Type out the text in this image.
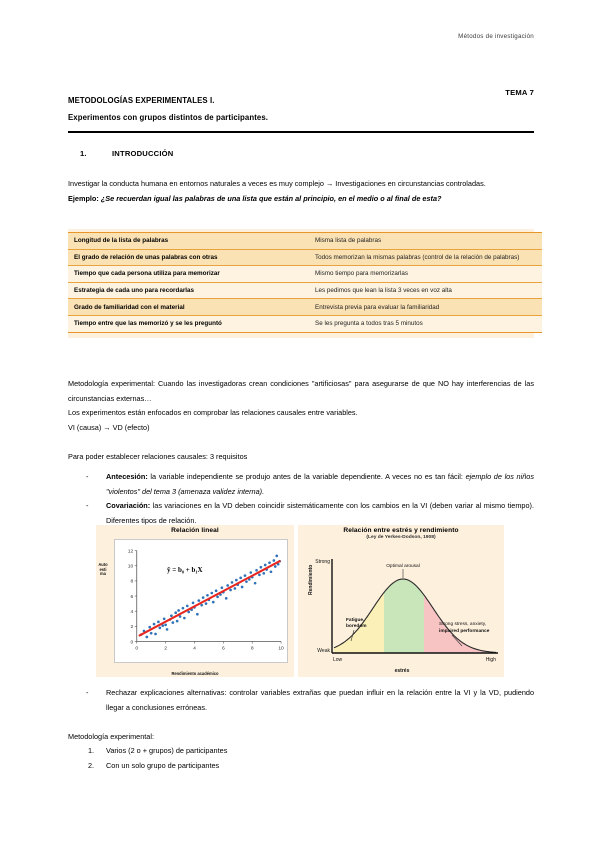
Métodos de investigación
TEMA 7

METODOLOGÍAS EXPERIMENTALES I.

Experimentos con grupos distintos de participantes.

1.	INTRODUCCIÓN

Investigar la conducta humana en entornos naturales a veces es muy complejo → Investigaciones en circunstancias controladas.

Ejemplo: ¿Se recuerdan igual las palabras de una lista que están al principio, en el medio o al final de esta?

Longitud de la lista de palabras	Misma lista de palabras
El grado de relación de unas palabras con otras	Todos memorizan la mismas palabras (control de la relación de palabras)
Tiempo que cada persona utiliza para memorizar	Mismo tiempo para memorizarlas
Estrategia de cada uno para recordarlas	Les pedimos que lean la lista 3 veces en voz alta
Grado de familiaridad con el material	Entrevista previa para evaluar la familiaridad
Tiempo entre que las memorizó y se les preguntó	Se les pregunta a todos tras 5 minutos

Metodología experimental: Cuando las investigadoras crean condiciones "artificiosas" para asegurarse de que NO hay interferencias de las circunstancias externas…

Los experimentos están enfocados en comprobar las relaciones causales entre variables.

VI (causa) → VD (efecto)

Para poder establecer relaciones causales: 3 requisitos

- Antecesión: la variable independiente se produjo antes de la variable dependiente. A veces no es tan fácil: ejemplo de los niños "violentos" del tema 3 (amenaza validez interna).
- Covariación: las variaciones en la VD deben coincidir sistemáticamente con los cambios en la VI (deben variar al mismo tiempo). Diferentes tipos de relación.
Relación lineal
Autoestima
0	2	4	6	8	10
0
2
4
6
8
10
12
ŷ = b₀ + b₁X
Rendimiento académico
Relación entre estrés y rendimiento
(Ley de Yerkes-Dodson, 1908)
Strong
Weak
Low	High
Optimal arousal
Fatigue,
boredom	Strong stress, anxiety,
impaired performance
Rendimiento
estrés
- Rechazar explicaciones alternativas: controlar variables extrañas que puedan influir en la relación entre la VI y la VD, pudiendo llegar a conclusiones erróneas.

Metodología experimental:

1. Varios (2 o + grupos) de participantes
2. Con un solo grupo de participantes
